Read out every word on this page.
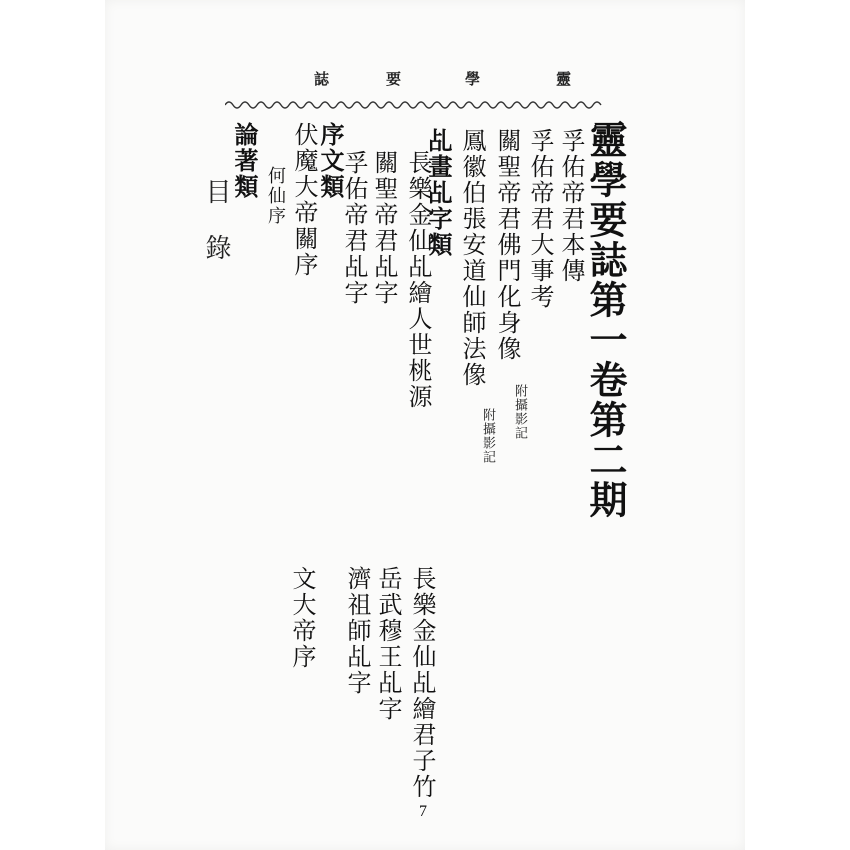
靈
學
要
誌
靈學要誌第一卷第二期
孚佑帝君本傳
孚佑帝君大事考
關聖帝君佛門化身像
附攝影記
鳳徽伯張安道仙師法像
附攝影記
乩畫乩字類
長樂金仙乩繪人世桃源
關聖帝君乩字
孚佑帝君乩字
序文類
伏魔大帝關序
何仙序
論著類
目 錄
長樂金仙乩繪君子竹
岳武穆王乩字
濟祖師乩字
文大帝序
7
